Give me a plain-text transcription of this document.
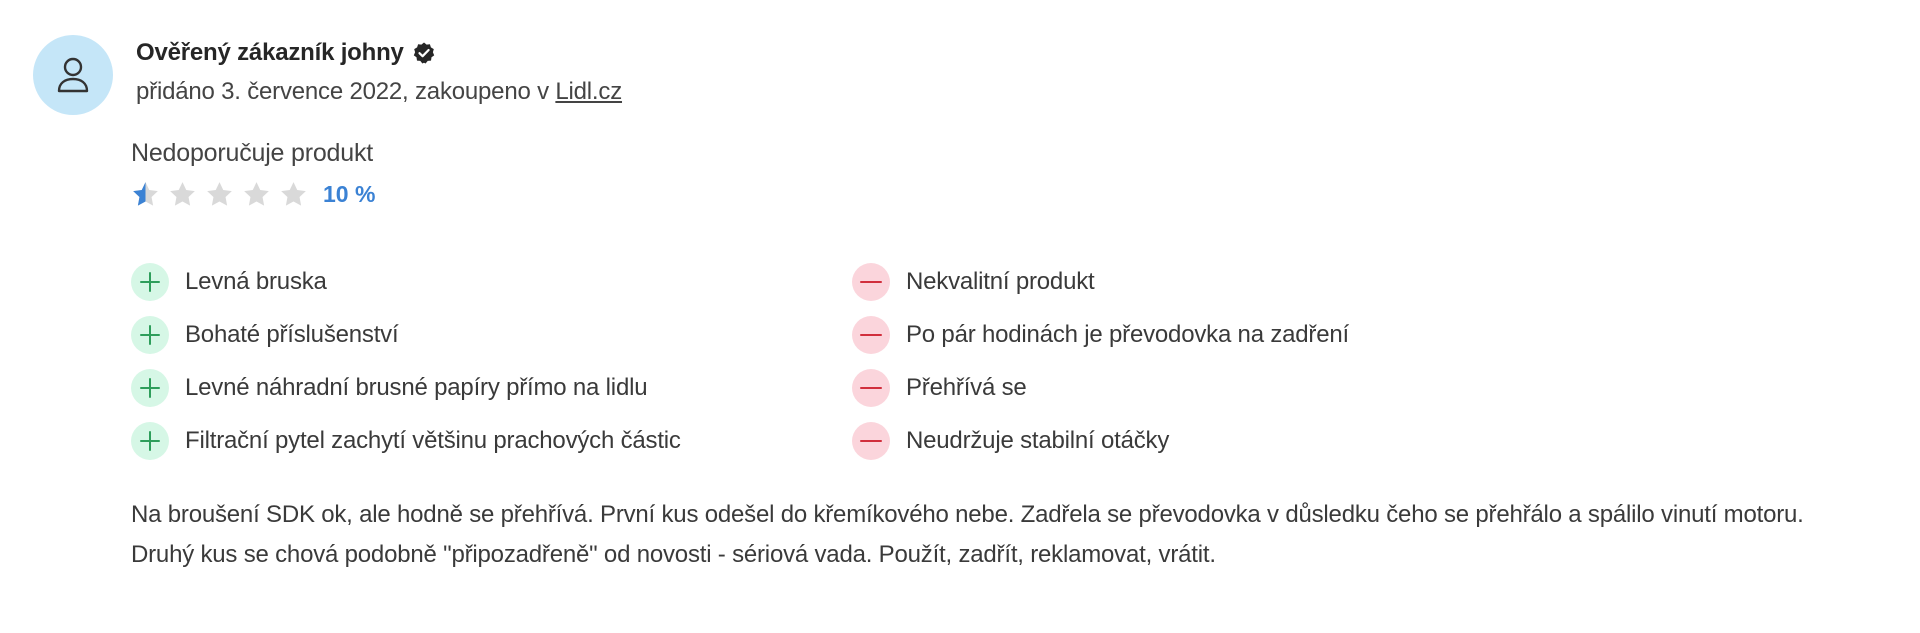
Ověřený zákazník johny
přidáno 3. července 2022, zakoupeno v Lidl.cz
Nedoporučuje produkt
10 %
Levná bruska
Bohaté příslušenství
Levné náhradní brusné papíry přímo na lidlu
Filtrační pytel zachytí většinu prachových částic
Nekvalitní produkt
Po pár hodinách je převodovka na zadření
Přehřívá se
Neudržuje stabilní otáčky
Na broušení SDK ok, ale hodně se přehřívá. První kus odešel do křemíkového nebe. Zadřela se převodovka v důsledku čeho se přehřálo a spálilo vinutí motoru. Druhý kus se chová podobně "připozadřeně" od novosti - sériová vada. Použít, zadřít, reklamovat, vrátit.
